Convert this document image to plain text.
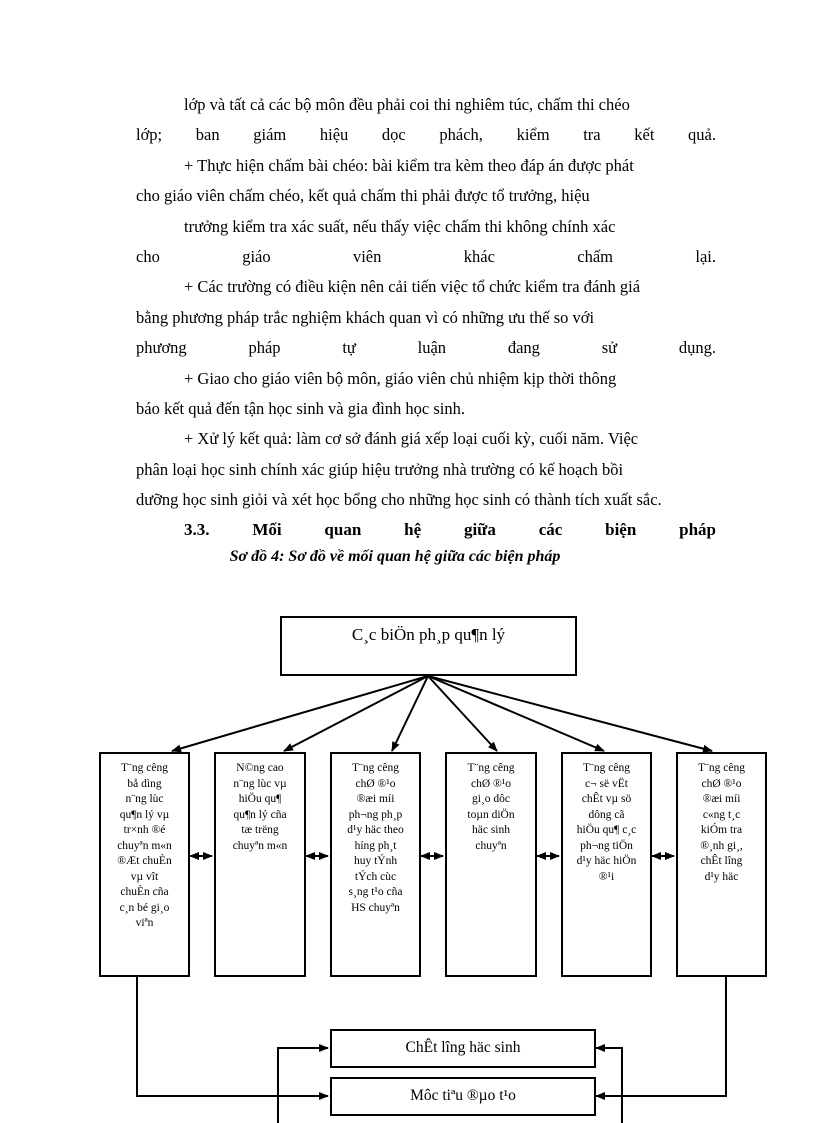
lớp và tất cả các bộ môn đều phải coi thi nghiêm túc, chấm thi chéo
lớp; ban giám hiệu dọc phách, kiểm tra kết quả.
+ Thực hiện chấm bài chéo: bài kiểm tra kèm theo đáp án được phát
cho giáo viên chấm chéo, kết quả chấm thi phải được tổ trưởng, hiệu
trưởng kiểm tra xác suất, nếu thấy việc chấm thi không chính xác
cho giáo viên khác chấm lại.
+ Các trường có điều kiện nên cải tiến việc tổ chức kiểm tra đánh giá
bằng phương pháp trắc nghiệm khách quan vì có những ưu thế so với
phương pháp tự luận đang sử dụng.
+ Giao cho giáo viên bộ môn, giáo viên chủ nhiệm kịp thời thông
báo kết quả đến tận học sinh và gia đình học sinh.
+ Xử lý kết quả: làm cơ sở đánh giá xếp loại cuối kỳ, cuối năm. Việc
phân loại học sinh chính xác giúp hiệu trưởng nhà trường có kế hoạch bồi
dưỡng học sinh giỏi và xét học bổng cho những học sinh có thành tích xuất sắc.
3.3. Mối quan hệ giữa các biện pháp
Sơ đồ 4: Sơ đồ về mối quan hệ giữa các biện pháp
C¸c biÖn ph¸p qu¶n lý
T¨ng cêng
bå dìng
n¨ng lùc
qu¶n lý vµ
tr×nh ®é
chuyªn m«n
®Æt chuÈn
vµ vît
chuÈn cña
c¸n bé gi¸o
viªn
N©ng cao
n¨ng lùc vµ
hiÖu qu¶
qu¶n lý cña
tæ trëng
chuyªn m«n
T¨ng cêng
chØ ®¹o
®æi míi
ph¬ng ph¸p
d¹y häc theo
híng ph¸t
huy tÝnh
tÝch cùc
s¸ng t¹o cña
HS chuyªn
T¨ng cêng
chØ ®¹o
gi¸o dôc
toµn diÖn
häc sinh
chuyªn
T¨ng cêng
c¬ së vËt
chÊt vµ sö
dông cã
hiÖu qu¶ c¸c
ph¬ng tiÖn
d¹y häc hiÖn
®¹i
T¨ng cêng
chØ ®¹o
®æi míi
c«ng t¸c
kiÓm tra
®¸nh gi¸,
chÊt lîng
d¹y häc
ChÊt lîng häc sinh
Môc tiªu ®µo t¹o
